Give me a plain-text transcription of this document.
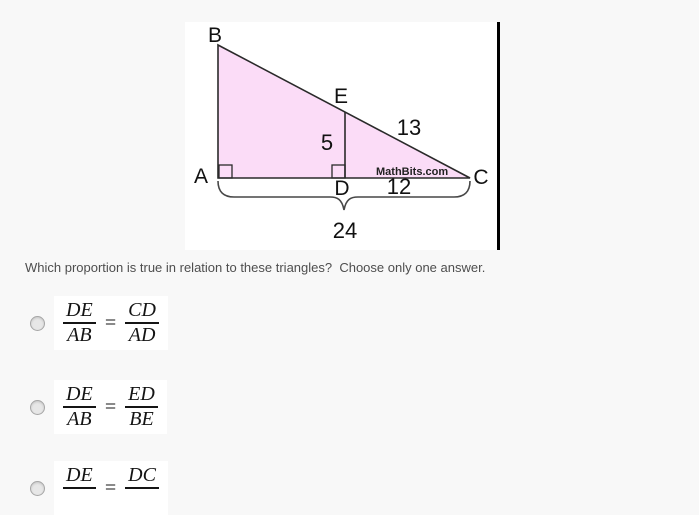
B
A	C
E
D
5
13
12
24
MathBits.com
Which proportion is true in relation to these triangles?  Choose only one answer.
$\frac{DE}{AB} = \frac{CD}{AD}$
$\frac{DE}{AB} = \frac{ED}{BE}$
DE
=
DC
